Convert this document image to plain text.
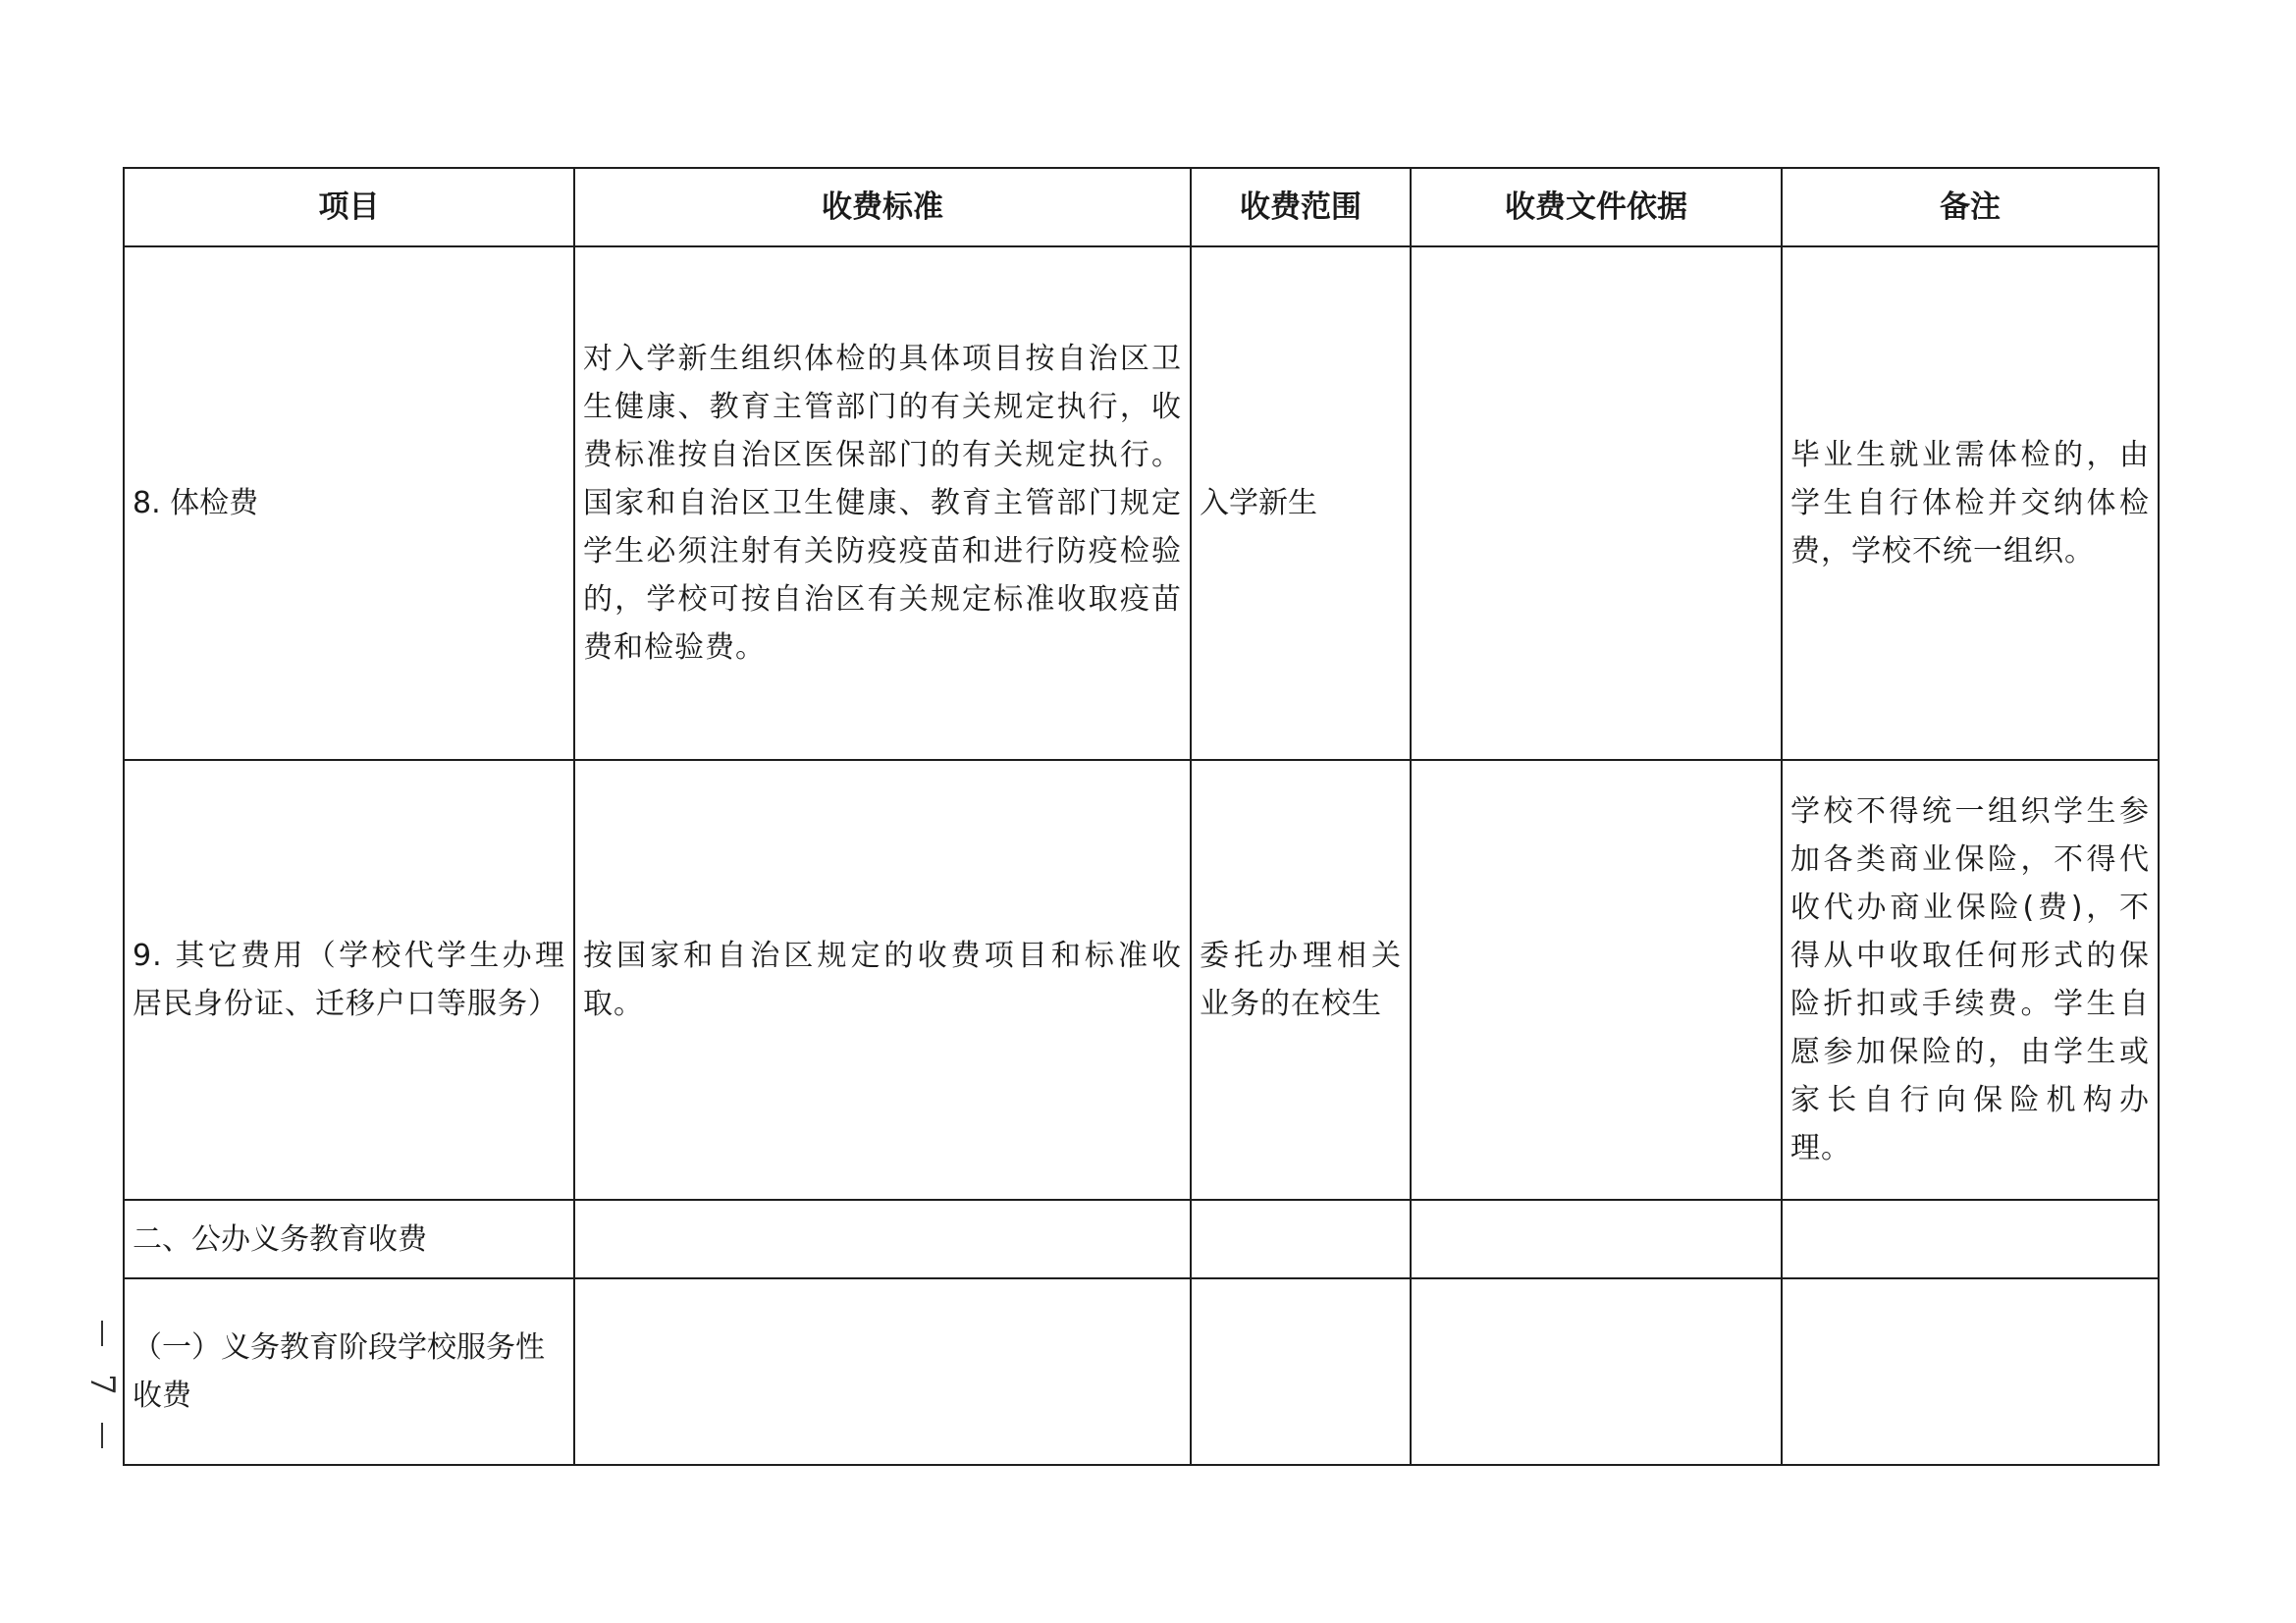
7
项目	收费标准	收费范围	收费文件依据	备注
8. 体检费	对入学新生组织体检的具体项目按自治区卫生健康、教育主管部门的有关规定执行，收费标准按自治区医保部门的有关规定执行。国家和自治区卫生健康、教育主管部门规定学生必须注射有关防疫疫苗和进行防疫检验的，学校可按自治区有关规定标准收取疫苗费和检验费。	入学新生		毕业生就业需体检的，由学生自行体检并交纳体检费，学校不统一组织。
9. 其它费用（学校代学生办理居民身份证、迁移户口等服务）	按国家和自治区规定的收费项目和标准收取。	委托办理相关业务的在校生		学校不得统一组织学生参加各类商业保险，不得代收代办商业保险(费)，不得从中收取任何形式的保险折扣或手续费。学生自愿参加保险的，由学生或家长自行向保险机构办理。
二、公办义务教育收费				
（一）义务教育阶段学校服务性收费				
